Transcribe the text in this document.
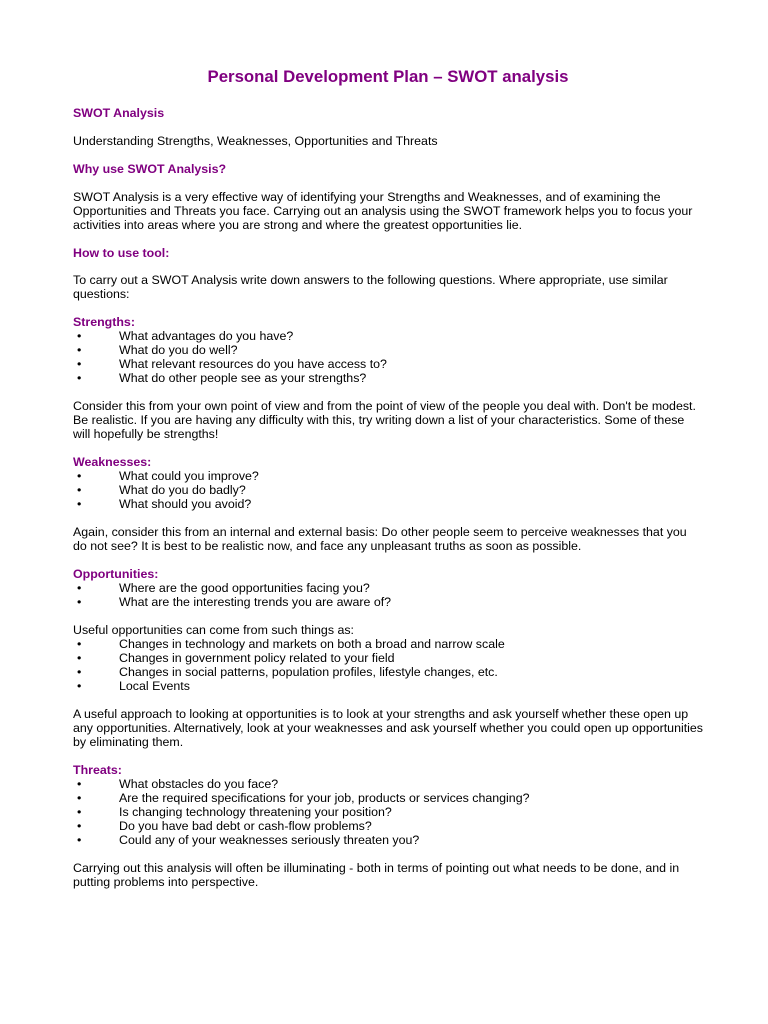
Personal Development Plan – SWOT analysis

SWOT Analysis

Understanding Strengths, Weaknesses, Opportunities and Threats

Why use SWOT Analysis?

SWOT Analysis is a very effective way of identifying your Strengths and Weaknesses, and of examining the Opportunities and Threats you face. Carrying out an analysis using the SWOT framework helps you to focus your activities into areas where you are strong and where the greatest opportunities lie.

How to use tool:

To carry out a SWOT Analysis write down answers to the following questions. Where appropriate, use similar questions:

Strengths:

•	What advantages do you have?
•	What do you do well?
•	What relevant resources do you have access to?
•	What do other people see as your strengths?

Consider this from your own point of view and from the point of view of the people you deal with. Don't be modest. Be realistic. If you are having any difficulty with this, try writing down a list of your characteristics. Some of these will hopefully be strengths!

Weaknesses:

•	What could you improve?
•	What do you do badly?
•	What should you avoid?

Again, consider this from an internal and external basis: Do other people seem to perceive weaknesses that you do not see? It is best to be realistic now, and face any unpleasant truths as soon as possible.

Opportunities:

•	Where are the good opportunities facing you?
•	What are the interesting trends you are aware of?

Useful opportunities can come from such things as:

•	Changes in technology and markets on both a broad and narrow scale
•	Changes in government policy related to your field
•	Changes in social patterns, population profiles, lifestyle changes, etc.
•	Local Events

A useful approach to looking at opportunities is to look at your strengths and ask yourself whether these open up any opportunities. Alternatively, look at your weaknesses and ask yourself whether you could open up opportunities by eliminating them.

Threats:

•	What obstacles do you face?
•	Are the required specifications for your job, products or services changing?
•	Is changing technology threatening your position?
•	Do you have bad debt or cash-flow problems?
•	Could any of your weaknesses seriously threaten you?

Carrying out this analysis will often be illuminating - both in terms of pointing out what needs to be done, and in putting problems into perspective.
